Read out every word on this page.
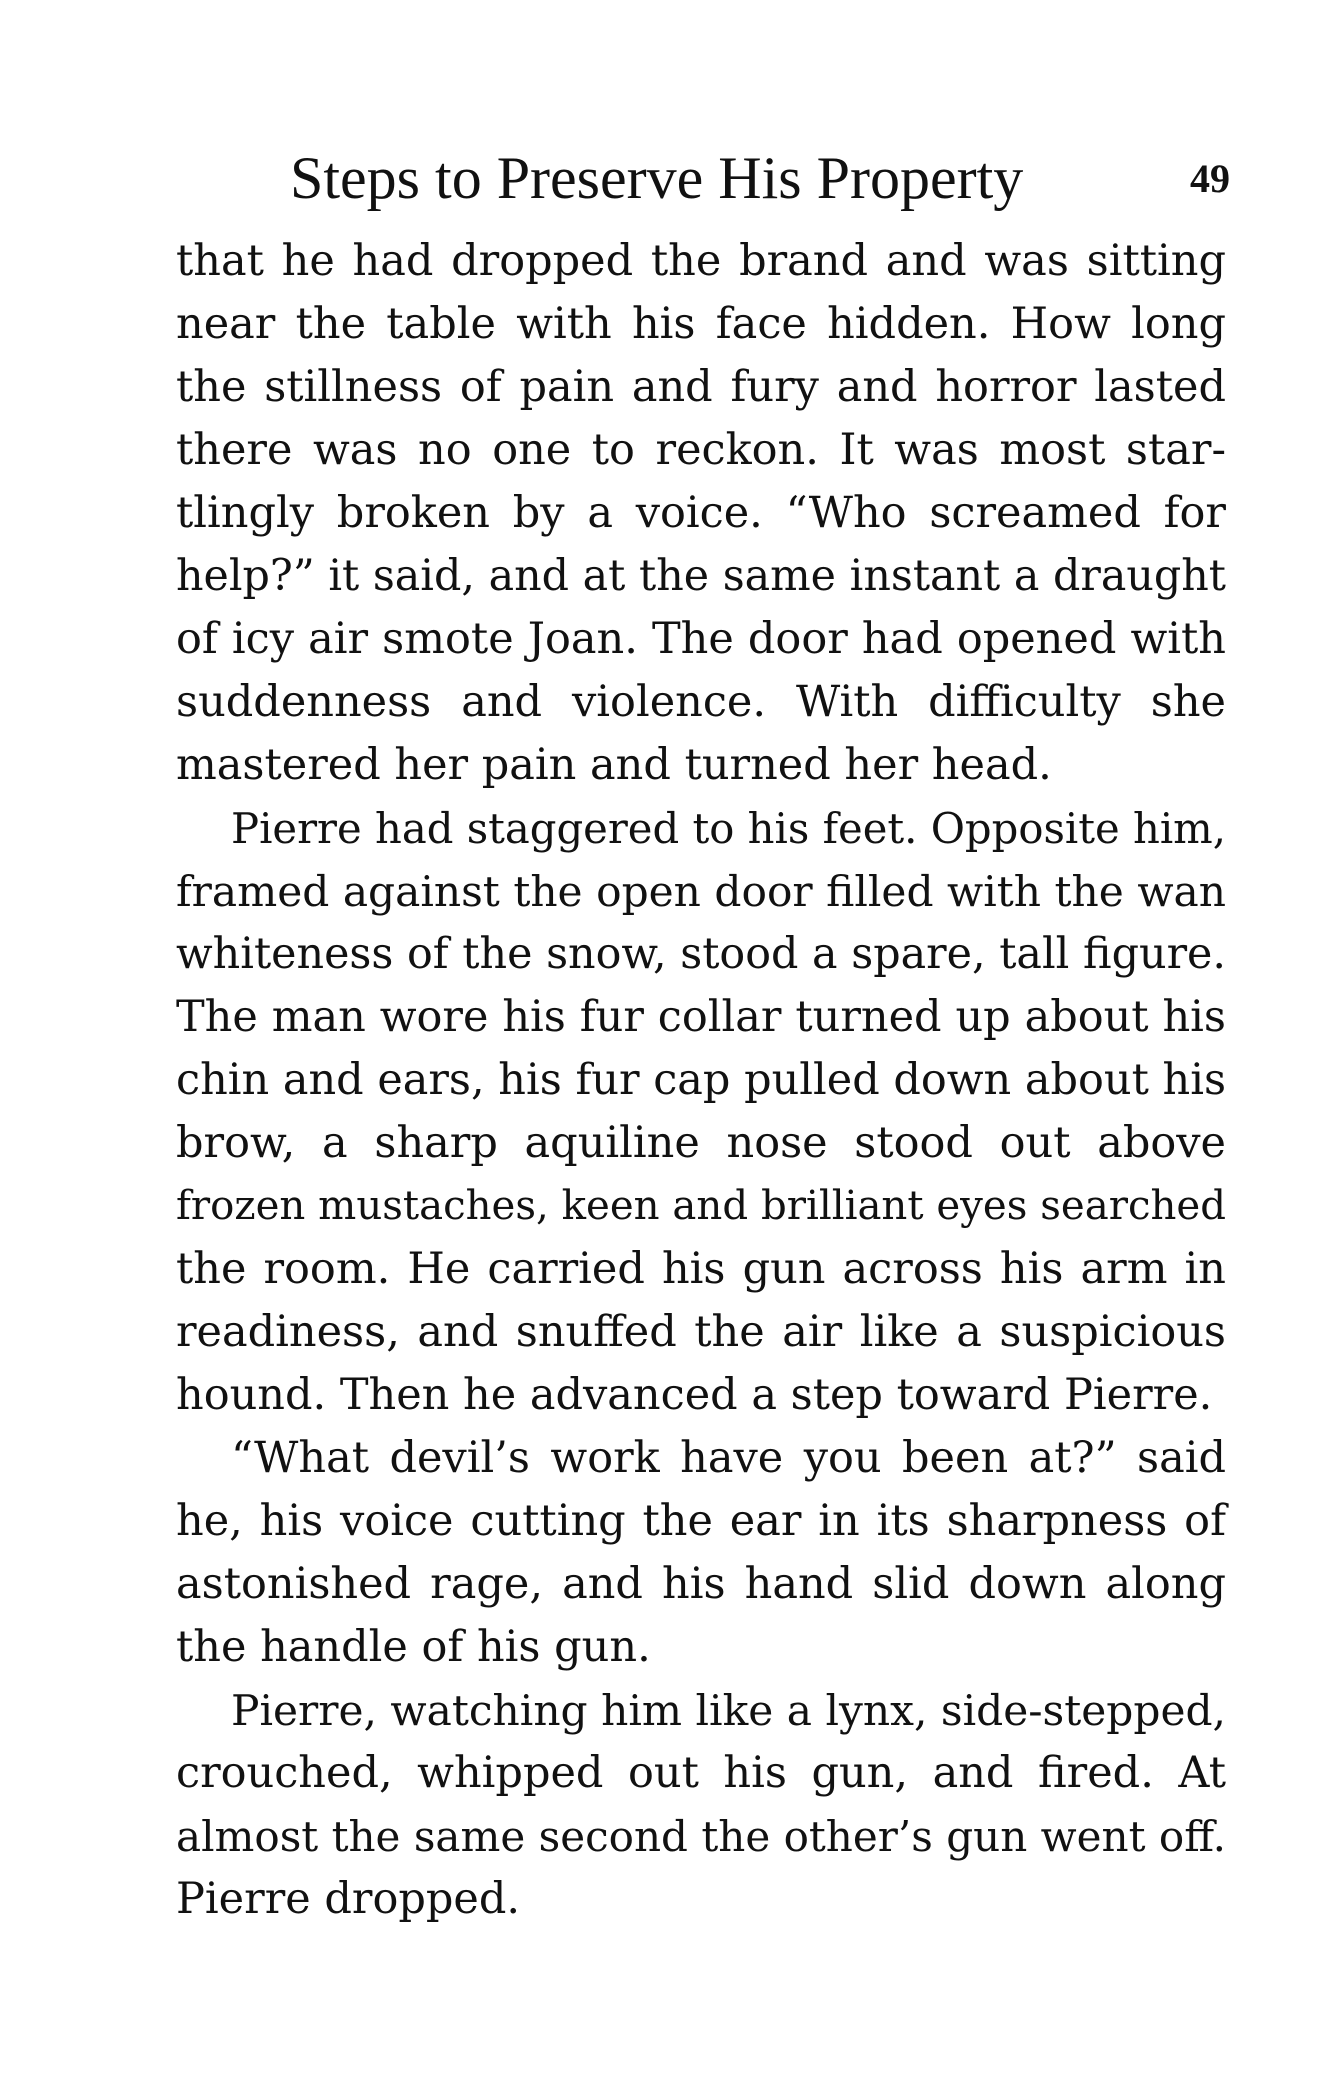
Steps to Preserve His Property	49
that he had dropped the brand and was sitting
near the table with his face hidden. How long
the stillness of pain and fury and horror lasted
there was no one to reckon. It was most star-
tlingly broken by a voice. “Who screamed for
help?” it said, and at the same instant a draught
of icy air smote Joan. The door had opened with
suddenness and violence. With difficulty she
mastered her pain and turned her head.
Pierre had staggered to his feet. Opposite him,
framed against the open door filled with the wan
whiteness of the snow, stood a spare, tall figure.
The man wore his fur collar turned up about his
chin and ears, his fur cap pulled down about his
brow, a sharp aquiline nose stood out above
frozen mustaches, keen and brilliant eyes searched
the room. He carried his gun across his arm in
readiness, and snuffed the air like a suspicious
hound. Then he advanced a step toward Pierre.
“What devil’s work have you been at?” said
he, his voice cutting the ear in its sharpness of
astonished rage, and his hand slid down along
the handle of his gun.
Pierre, watching him like a lynx, side-stepped,
crouched, whipped out his gun, and fired. At
almost the same second the other’s gun went off.
Pierre dropped.
